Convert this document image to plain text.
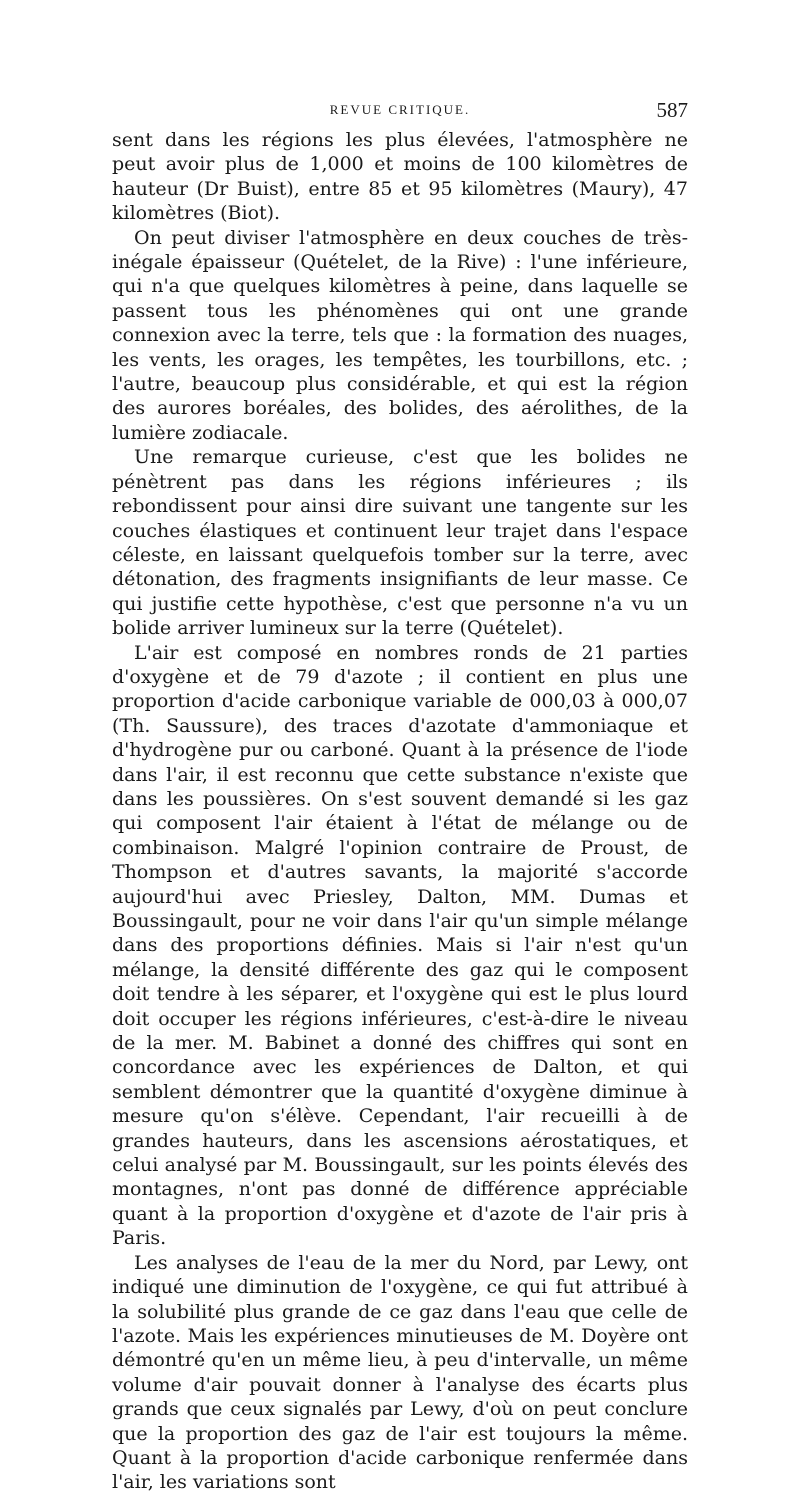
REVUE CRITIQUE.	587

sent dans les régions les plus élevées, l'atmosphère ne peut avoir plus de 1,000 et moins de 100 kilomètres de hauteur (Dr Buist), entre 85 et 95 kilomètres (Maury), 47 kilomètres (Biot).

On peut diviser l'atmosphère en deux couches de très-inégale épaisseur (Quételet, de la Rive) : l'une inférieure, qui n'a que quelques kilomètres à peine, dans laquelle se passent tous les phénomènes qui ont une grande connexion avec la terre, tels que : la formation des nuages, les vents, les orages, les tempêtes, les tourbillons, etc. ; l'autre, beaucoup plus considérable, et qui est la région des aurores boréales, des bolides, des aérolithes, de la lumière zodiacale.

Une remarque curieuse, c'est que les bolides ne pénètrent pas dans les régions inférieures ; ils rebondissent pour ainsi dire suivant une tangente sur les couches élastiques et continuent leur trajet dans l'espace céleste, en laissant quelquefois tomber sur la terre, avec détonation, des fragments insignifiants de leur masse. Ce qui justifie cette hypothèse, c'est que personne n'a vu un bolide arriver lumineux sur la terre (Quételet).

L'air est composé en nombres ronds de 21 parties d'oxygène et de 79 d'azote ; il contient en plus une proportion d'acide carbonique variable de 000,03 à 000,07 (Th. Saussure), des traces d'azotate d'ammoniaque et d'hydrogène pur ou carboné. Quant à la présence de l'iode dans l'air, il est reconnu que cette substance n'existe que dans les poussières. On s'est souvent demandé si les gaz qui composent l'air étaient à l'état de mélange ou de combinaison. Malgré l'opinion contraire de Proust, de Thompson et d'autres savants, la majorité s'accorde aujourd'hui avec Priesley, Dalton, MM. Dumas et Boussingault, pour ne voir dans l'air qu'un simple mélange dans des proportions définies. Mais si l'air n'est qu'un mélange, la densité différente des gaz qui le composent doit tendre à les séparer, et l'oxygène qui est le plus lourd doit occuper les régions inférieures, c'est-à-dire le niveau de la mer. M. Babinet a donné des chiffres qui sont en concordance avec les expériences de Dalton, et qui semblent démontrer que la quantité d'oxygène diminue à mesure qu'on s'élève. Cependant, l'air recueilli à de grandes hauteurs, dans les ascensions aérostatiques, et celui analysé par M. Boussingault, sur les points élevés des montagnes, n'ont pas donné de différence appréciable quant à la proportion d'oxygène et d'azote de l'air pris à Paris.

Les analyses de l'eau de la mer du Nord, par Lewy, ont indiqué une diminution de l'oxygène, ce qui fut attribué à la solubilité plus grande de ce gaz dans l'eau que celle de l'azote. Mais les expériences minutieuses de M. Doyère ont démontré qu'en un même lieu, à peu d'intervalle, un même volume d'air pouvait donner à l'analyse des écarts plus grands que ceux signalés par Lewy, d'où on peut conclure que la proportion des gaz de l'air est toujours la même. Quant à la proportion d'acide carbonique renfermée dans l'air, les variations sont
